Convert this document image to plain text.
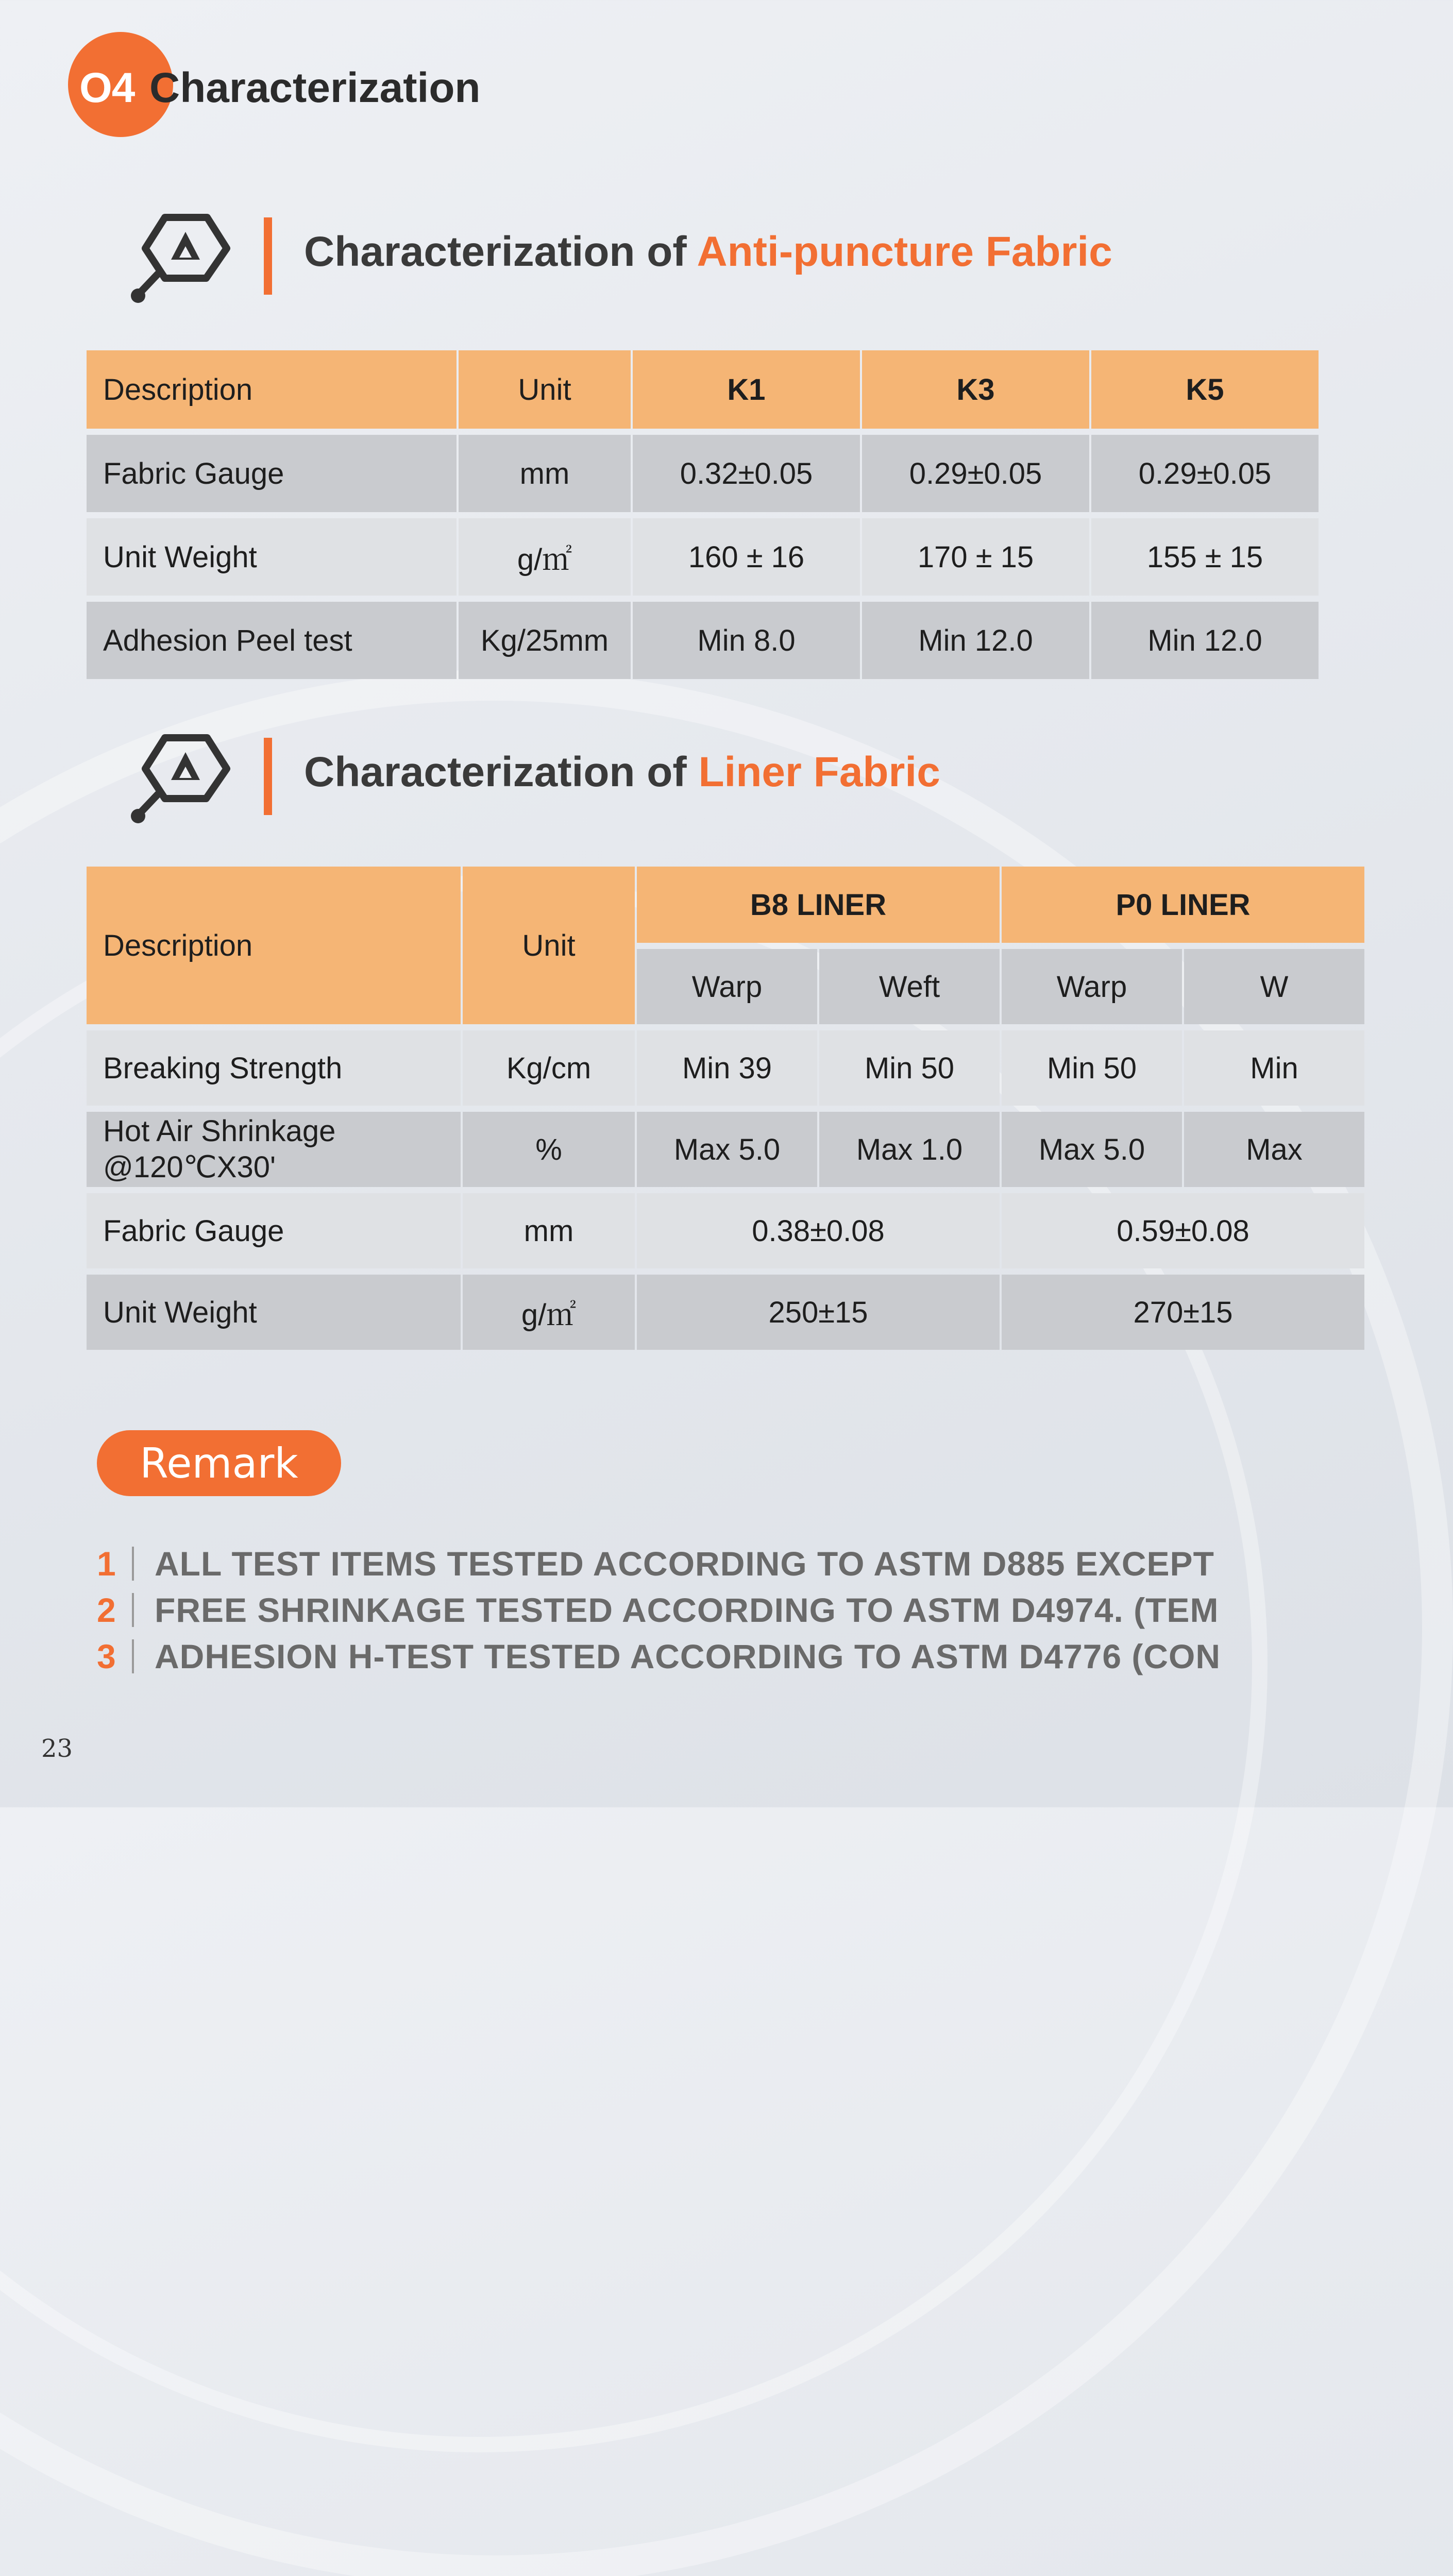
O4 Characterization
Characterization of Anti-puncture Fabric
Description	Unit	K1	K3	K5
Fabric Gauge	mm	0.32±0.05	0.29±0.05	0.29±0.05
Unit Weight	g/㎡	160 ± 16	170 ± 15	155 ± 15
Adhesion Peel test	Kg/25mm	Min 8.0	Min 12.0	Min 12.0
Characterization of Liner Fabric
Description	Unit
B8 LINER	P0 LINER
Warp	Weft	Warp	W
Breaking Strength	Kg/cm	Min 39	Min 50	Min 50	Min
Hot Air Shrinkage
@120℃X30'
%	Max 5.0	Max 1.0	Max 5.0	Max
Fabric Gauge	mm	0.38±0.08	0.59±0.08
Unit Weight	g/㎡	250±15	270±15
Remark
1	ALL TEST ITEMS TESTED ACCORDING TO ASTM D885 EXCEPT
2	FREE SHRINKAGE TESTED ACCORDING TO ASTM D4974. (TEM
3	ADHESION H-TEST TESTED ACCORDING TO ASTM D4776 (CON
23
